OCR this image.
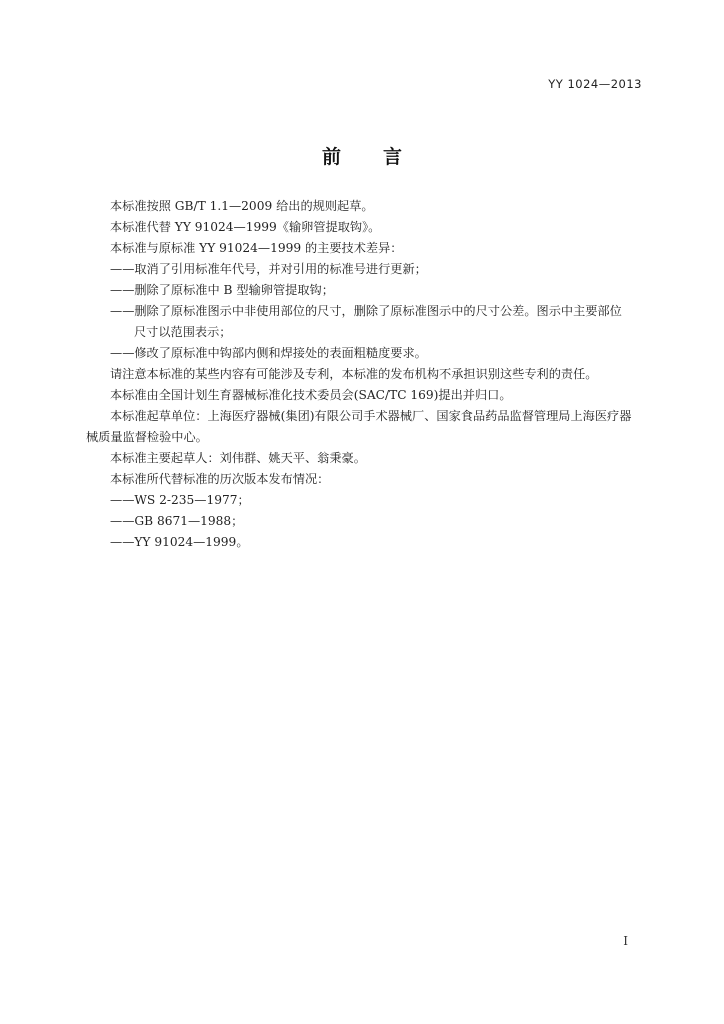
YY 1024—2013
前言

本标准按照 GB/T 1.1—2009 给出的规则起草。

本标准代替 YY 91024—1999《输卵管提取钩》。

本标准与原标准 YY 91024—1999 的主要技术差异：

——取消了引用标准年代号，并对引用的标准号进行更新；

——删除了原标准中 B 型输卵管提取钩；

——删除了原标准图示中非使用部位的尺寸，删除了原标准图示中的尺寸公差。图示中主要部位

尺寸以范围表示；

——修改了原标准中钩部内侧和焊接处的表面粗糙度要求。

请注意本标准的某些内容有可能涉及专利，本标准的发布机构不承担识别这些专利的责任。

本标准由全国计划生育器械标准化技术委员会(SAC/TC 169)提出并归口。

本标准起草单位：上海医疗器械(集团)有限公司手术器械厂、国家食品药品监督管理局上海医疗器

械质量监督检验中心。

本标准主要起草人：刘伟群、姚天平、翁秉豪。

本标准所代替标准的历次版本发布情况：

——WS 2-235—1977；

——GB 8671—1988；

——YY 91024—1999。

I
